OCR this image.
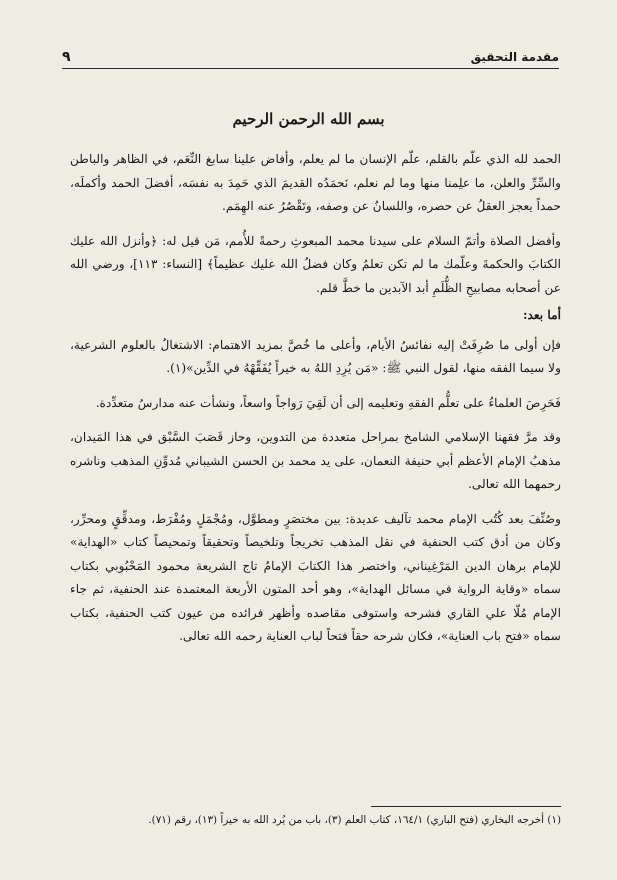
مقدمة التحقيق
٩
بسم الله الرحمن الرحيم

الحمد لله الذي علّم بالقلم، علّم الإنسان ما لم يعلم، وأفاض علينا سابغ النِّعَم، في الظاهر والباطن والسِّرِّ والعلن، ما علِمنا منها وما لم نعلم، نَحمَدُه القديمَ الذي حَمِدَ به نفسَه، أفضلَ الحمد وأكملَه، حمداً يعجز العقلُ عن حصره، واللسانُ عن وصفه، وتَقْصُرُ عنه الهِمَم.

وأفضل الصلاة وأتمّ السلام على سيدنا محمد المبعوثِ رحمةً للأُمم، مَن قيل له: ﴿وأنزل الله عليك الكتابَ والحكمةَ وعلّمك ما لم تكن تعلمُ وكان فضلُ الله عليك عظيماً﴾ [النساء: ١١٣]، ورضي الله عن أصحابه مصابيحِ الظُّلَمِ أبد الآبدين ما خطَّ قلم.

أما بعد:

فإن أولى ما صُرِفَتْ إليه نفائسُ الأيام، وأعلى ما خُصَّ بمزيد الاهتمام: الاشتغالُ بالعلوم الشرعية، ولا سيما الفقه منها، لقول النبي ﷺ: «مَن يُرِدِ اللهُ به خيراً يُفَقِّهْهُ في الدِّين»(١).

فَحَرِصَ العلماءُ على تعلُّم الفقهِ وتعليمه إلى أن لَقِيَ رَواجاً واسعاً، ونشأت عنه مدارسُ متعدِّدة.

وقد مرَّ فقهنا الإسلامي الشامخ بمراحل متعددة من التدوين، وحاز قَصَبَ السَّبْق في هذا المَيدان، مذهبُ الإمام الأعظم أبي حنيفة النعمان، على يد محمد بن الحسن الشيباني مُدوِّنِ المذهب وناشره رحمهما الله تعالى.

وصُنِّفَ بعد كُتُب الإمام محمد تآليف عديدة: بين مختصَرٍ ومطوَّل، ومُجْمَلٍ ومُفْرَط، ومدقِّقٍ ومحرِّر، وكان من أدق كتب الحنفية في نقل المذهب تخريجاً وتلخيصاً وتحقيقاً وتمحيصاً كتاب «الهداية» للإمام برهان الدين المَرْغِيناني، واختصر هذا الكتابَ الإمامُ تاج الشريعة محمود المَحْبُوبي بكتاب سماه «وقاية الرواية في مسائل الهداية»، وهو أحد المتون الأربعة المعتمدة عند الحنفية، ثم جاء الإمام مُلّا علي القاري فشرحه واستوفى مقاصده وأظهر فرائده من عيون كتب الحنفية، بكتاب سماه «فتح باب العناية»، فكان شرحه حقاً فتحاً لباب العناية رحمه الله تعالى.

(١) أخرجه البخاري (فتح الباري) ١٦٤/١، كتاب العلم (٣)، باب من يُرد الله به خيراً (١٣)، رقم (٧١).
